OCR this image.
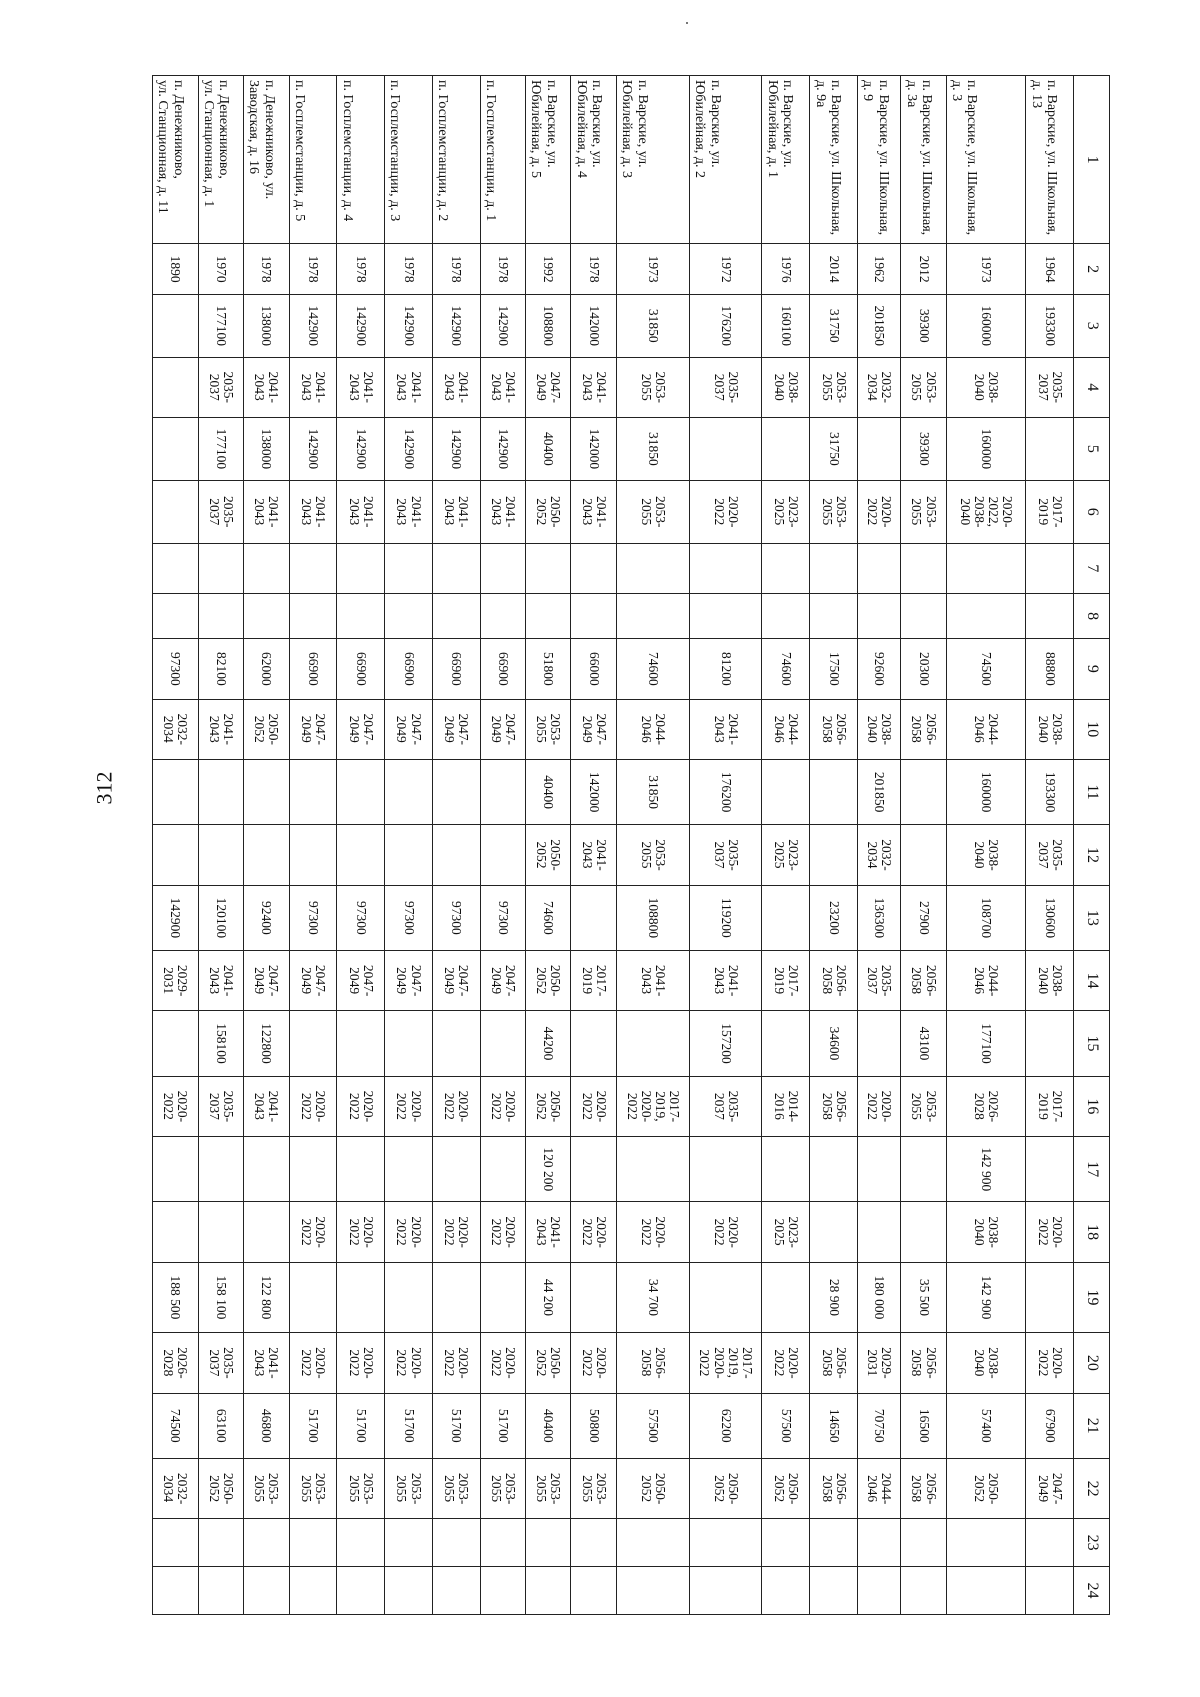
312
1	2	3	4	5	6	7	8	9	10	11	12	13	14	15	16	17	18	19	20	21	22	23	24
п. Варские, ул. Школьная, д. 13	1964	193300	2035-
2037		2017-
2019			88800	2038-
2040	193300	2035-
2037	130600	2038-
2040		2017-
2019		2020-
2022		2020-
2022	67900	2047-
2049		
п. Варские, ул. Школьная, д. 3	1973	160000	2038-
2040	160000	2020-
2022,
2038-
2040			74500	2044-
2046	160000	2038-
2040	108700	2044-
2046	177100	2026-
2028	142 900	2038-
2040	142 900	2038-
2040	57400	2050-
2052		
п. Варские, ул. Школьная, д. 3а	2012	39300	2053-
2055	39300	2053-
2055			20300	2056-
2058			27900	2056-
2058	43100	2053-
2055			35 500	2056-
2058	16500	2056-
2058		
п. Варские, ул. Школьная, д. 9	1962	201850	2032-
2034		2020-
2022			92600	2038-
2040	201850	2032-
2034	136300	2035-
2037		2020-
2022			180 000	2029-
2031	70750	2044-
2046		
п. Варские, ул. Школьная, д. 9а	2014	31750	2053-
2055	31750	2053-
2055			17500	2056-
2058			23200	2056-
2058	34600	2056-
2058			28 900	2056-
2058	14650	2056-
2058		
п. Варские, ул. Юбилейная, д. 1	1976	160100	2038-
2040		2023-
2025			74600	2044-
2046		2023-
2025		2017-
2019		2014-
2016		2023-
2025		2020-
2022	57500	2050-
2052		
п. Варские, ул. Юбилейная, д. 2	1972	176200	2035-
2037		2020-
2022			81200	2041-
2043	176200	2035-
2037	119200	2041-
2043	157200	2035-
2037		2020-
2022		2017-
2019,
2020-
2022	62200	2050-
2052		
п. Варские, ул. Юбилейная, д. 3	1973	31850	2053-
2055	31850	2053-
2055			74600	2044-
2046	31850	2053-
2055	108800	2041-
2043		2017-
2019,
2020-
2022		2020-
2022	34 700	2056-
2058	57500	2050-
2052		
п. Варские, ул. Юбилейная, д. 4	1978	142000	2041-
2043	142000	2041-
2043			66000	2047-
2049	142000	2041-
2043		2017-
2019		2020-
2022		2020-
2022		2020-
2022	50800	2053-
2055		
п. Варские, ул. Юбилейная, д. 5	1992	108800	2047-
2049	40400	2050-
2052			51800	2053-
2055	40400	2050-
2052	74600	2050-
2052	44200	2050-
2052	120 200	2041-
2043	44 200	2050-
2052	40400	2053-
2055		
п. Госплемстанции, д. 1	1978	142900	2041-
2043	142900	2041-
2043			66900	2047-
2049			97300	2047-
2049		2020-
2022		2020-
2022		2020-
2022	51700	2053-
2055		
п. Госплемстанции, д. 2	1978	142900	2041-
2043	142900	2041-
2043			66900	2047-
2049			97300	2047-
2049		2020-
2022		2020-
2022		2020-
2022	51700	2053-
2055		
п. Госплемстанции, д. 3	1978	142900	2041-
2043	142900	2041-
2043			66900	2047-
2049			97300	2047-
2049		2020-
2022		2020-
2022		2020-
2022	51700	2053-
2055		
п. Госплемстанции, д. 4	1978	142900	2041-
2043	142900	2041-
2043			66900	2047-
2049			97300	2047-
2049		2020-
2022		2020-
2022		2020-
2022	51700	2053-
2055		
п. Госплемстанции, д. 5	1978	142900	2041-
2043	142900	2041-
2043			66900	2047-
2049			97300	2047-
2049		2020-
2022		2020-
2022		2020-
2022	51700	2053-
2055		
п. Денежниково, ул. Заводская, д. 16	1978	138000	2041-
2043	138000	2041-
2043			62000	2050-
2052			92400	2047-
2049	122800	2041-
2043			122 800	2041-
2043	46800	2053-
2055		
п. Денежниково,
ул. Станционная, д. 1	1970	177100	2035-
2037	177100	2035-
2037			82100	2041-
2043			120100	2041-
2043	158100	2035-
2037			158 100	2035-
2037	63100	2050-
2052		
п. Денежниково,
ул. Станционная, д. 11	1890							97300	2032-
2034			142900	2029-
2031		2020-
2022			188 500	2026-
2028	74500	2032-
2034		
